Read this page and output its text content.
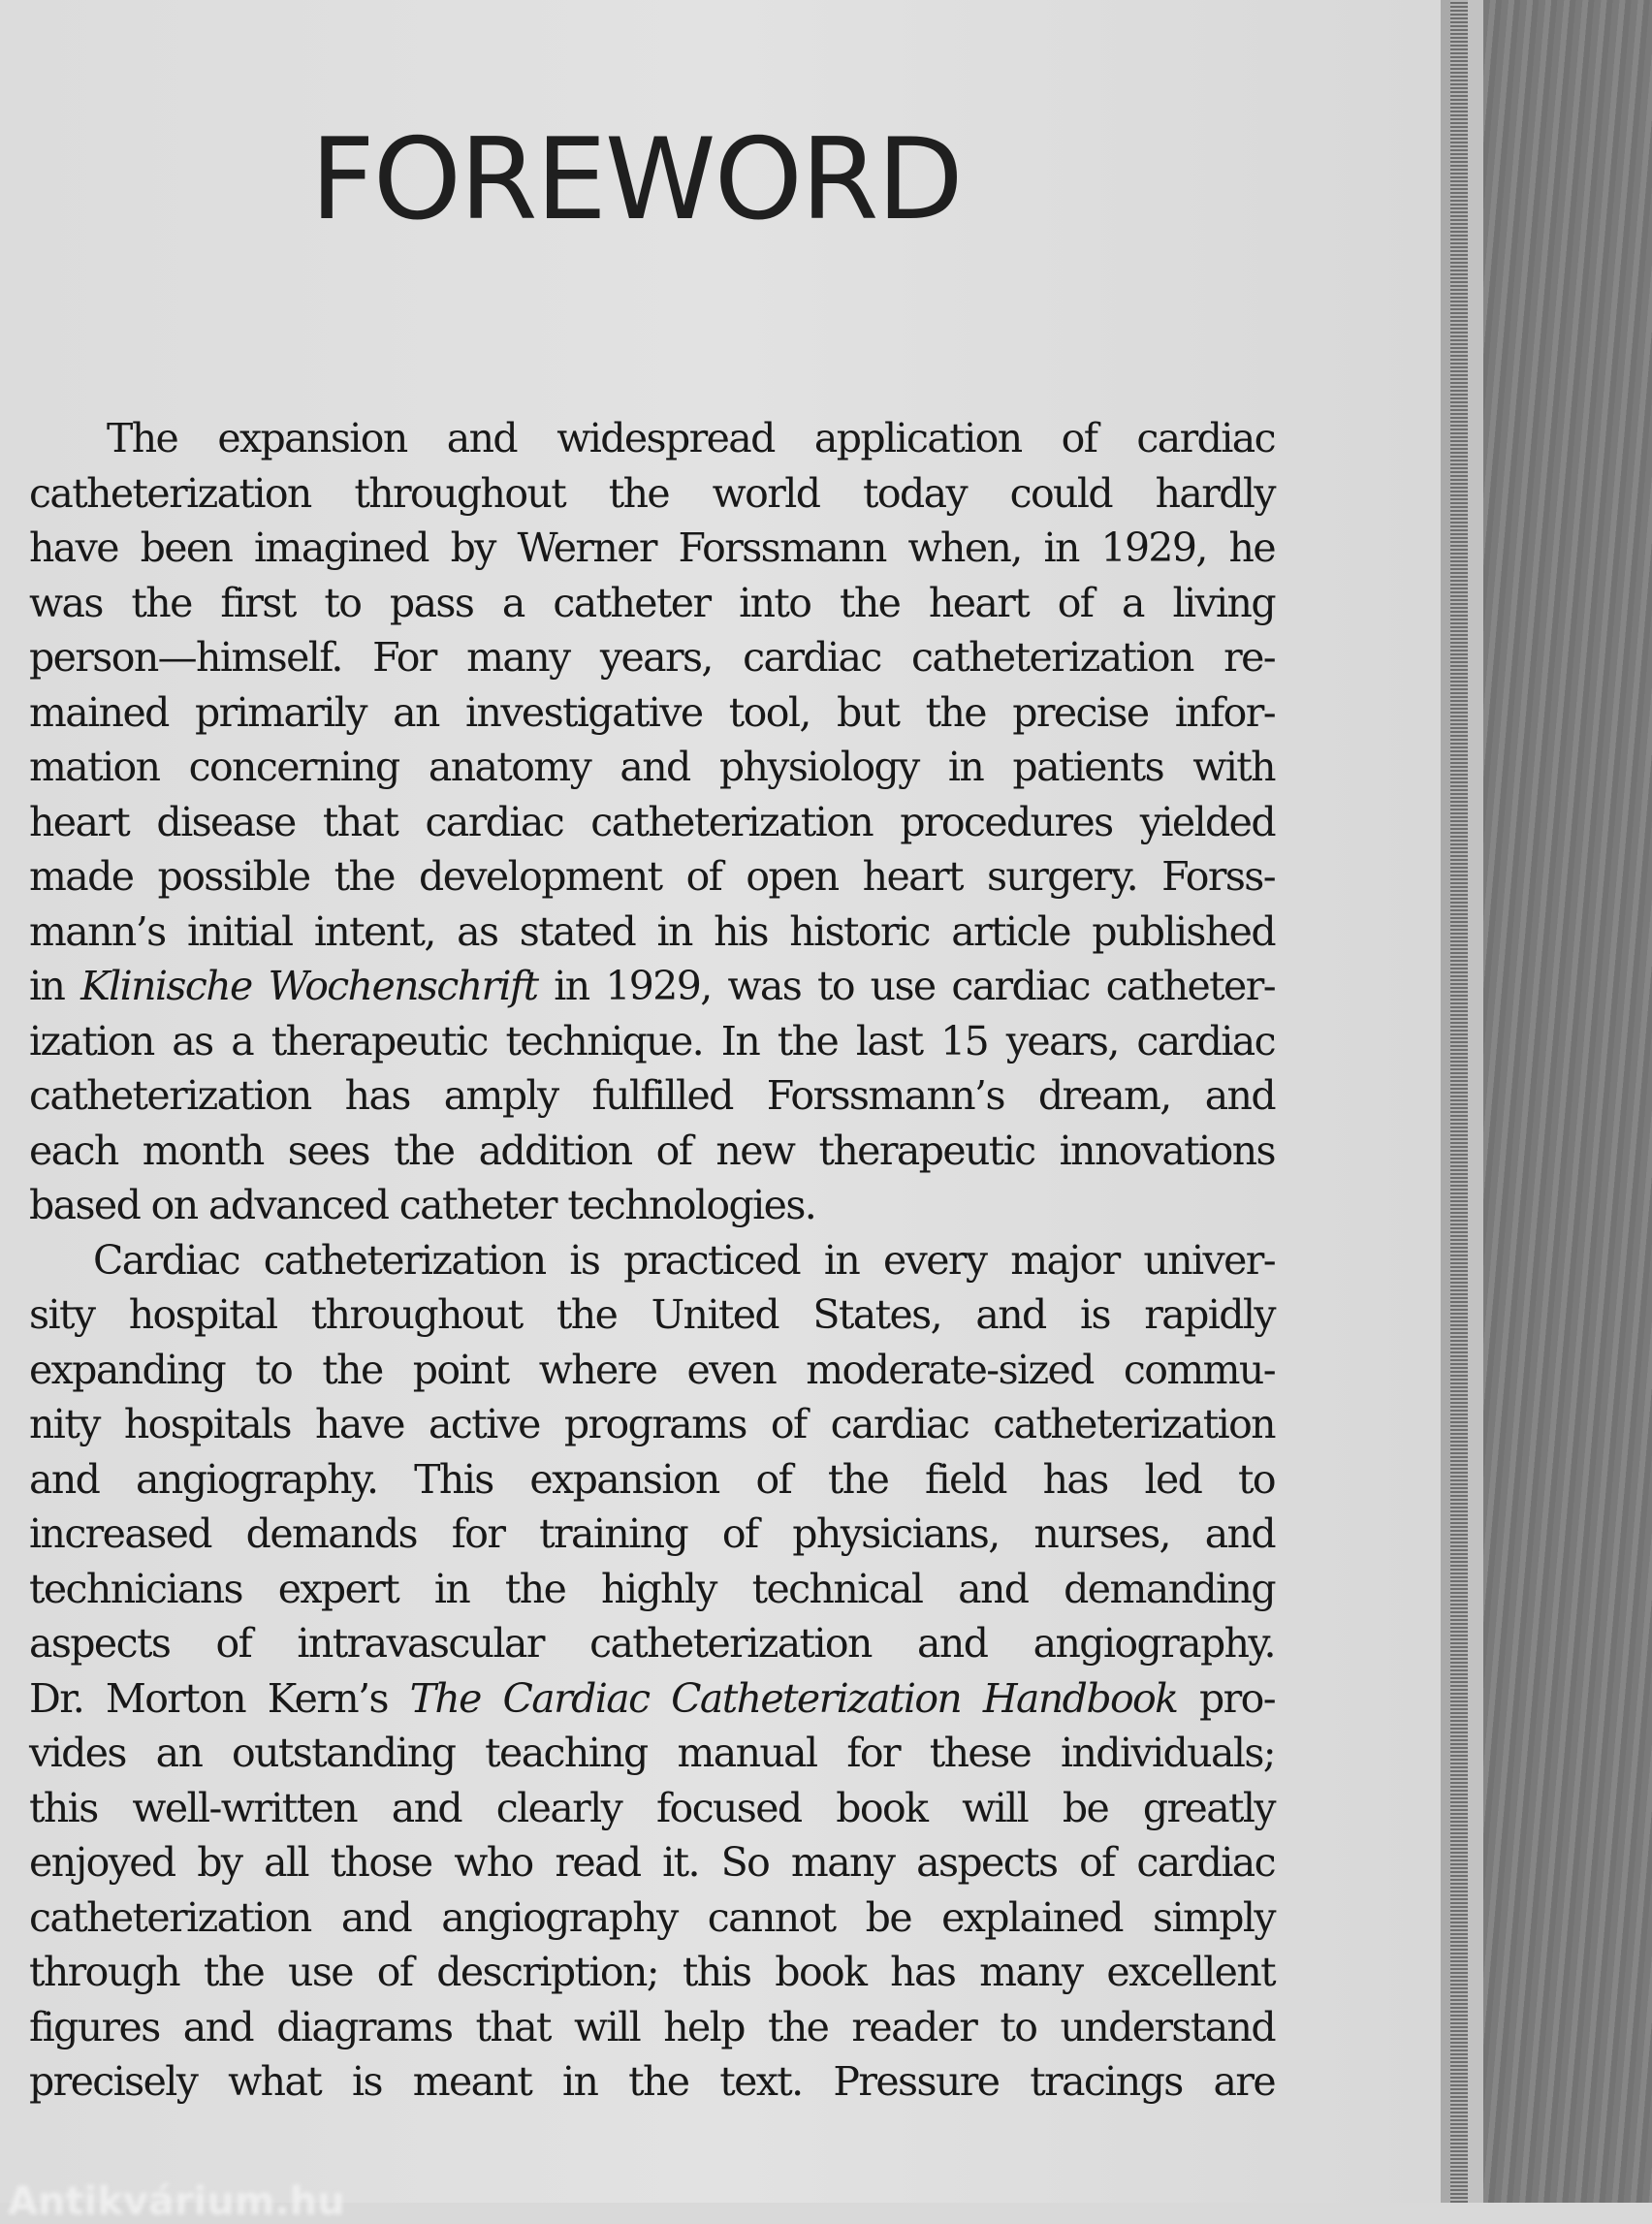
FOREWORD
The expansion and widespread application of cardiac
catheterization throughout the world today could hardly
have been imagined by Werner Forssmann when, in 1929, he
was the first to pass a catheter into the heart of a living
person—himself. For many years, cardiac catheterization re-
mained primarily an investigative tool, but the precise infor-
mation concerning anatomy and physiology in patients with
heart disease that cardiac catheterization procedures yielded
made possible the development of open heart surgery. Forss-
mann’s initial intent, as stated in his historic article published
in Klinische Wochenschrift in 1929, was to use cardiac catheter-
ization as a therapeutic technique. In the last 15 years, cardiac
catheterization has amply fulfilled Forssmann’s dream, and
each month sees the addition of new therapeutic innovations
based on advanced catheter technologies.
Cardiac catheterization is practiced in every major univer-
sity hospital throughout the United States, and is rapidly
expanding to the point where even moderate-sized commu-
nity hospitals have active programs of cardiac catheterization
and angiography. This expansion of the field has led to
increased demands for training of physicians, nurses, and
technicians expert in the highly technical and demanding
aspects of intravascular catheterization and angiography.
Dr. Morton Kern’s The Cardiac Catheterization Handbook pro-
vides an outstanding teaching manual for these individuals;
this well-written and clearly focused book will be greatly
enjoyed by all those who read it. So many aspects of cardiac
catheterization and angiography cannot be explained simply
through the use of description; this book has many excellent
figures and diagrams that will help the reader to understand
precisely what is meant in the text. Pressure tracings are
Antikvárium.hu
